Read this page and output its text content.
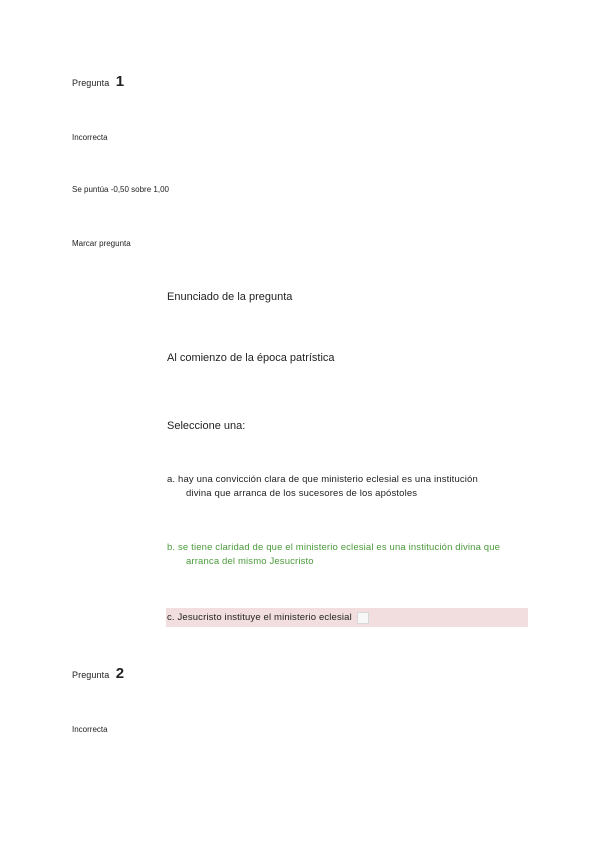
Pregunta 1
Incorrecta
Se puntúa -0,50 sobre 1,00
Marcar pregunta
Enunciado de la pregunta
Al comienzo de la época patrística
Seleccione una:
a. hay una convicción clara de que ministerio eclesial es una institución
divina que arranca de los sucesores de los apóstoles
b. se tiene claridad de que el ministerio eclesial es una institución divina que
arranca del mismo Jesucristo
c.
Jesucristo instituye el ministerio eclesial
Pregunta 2
Incorrecta
